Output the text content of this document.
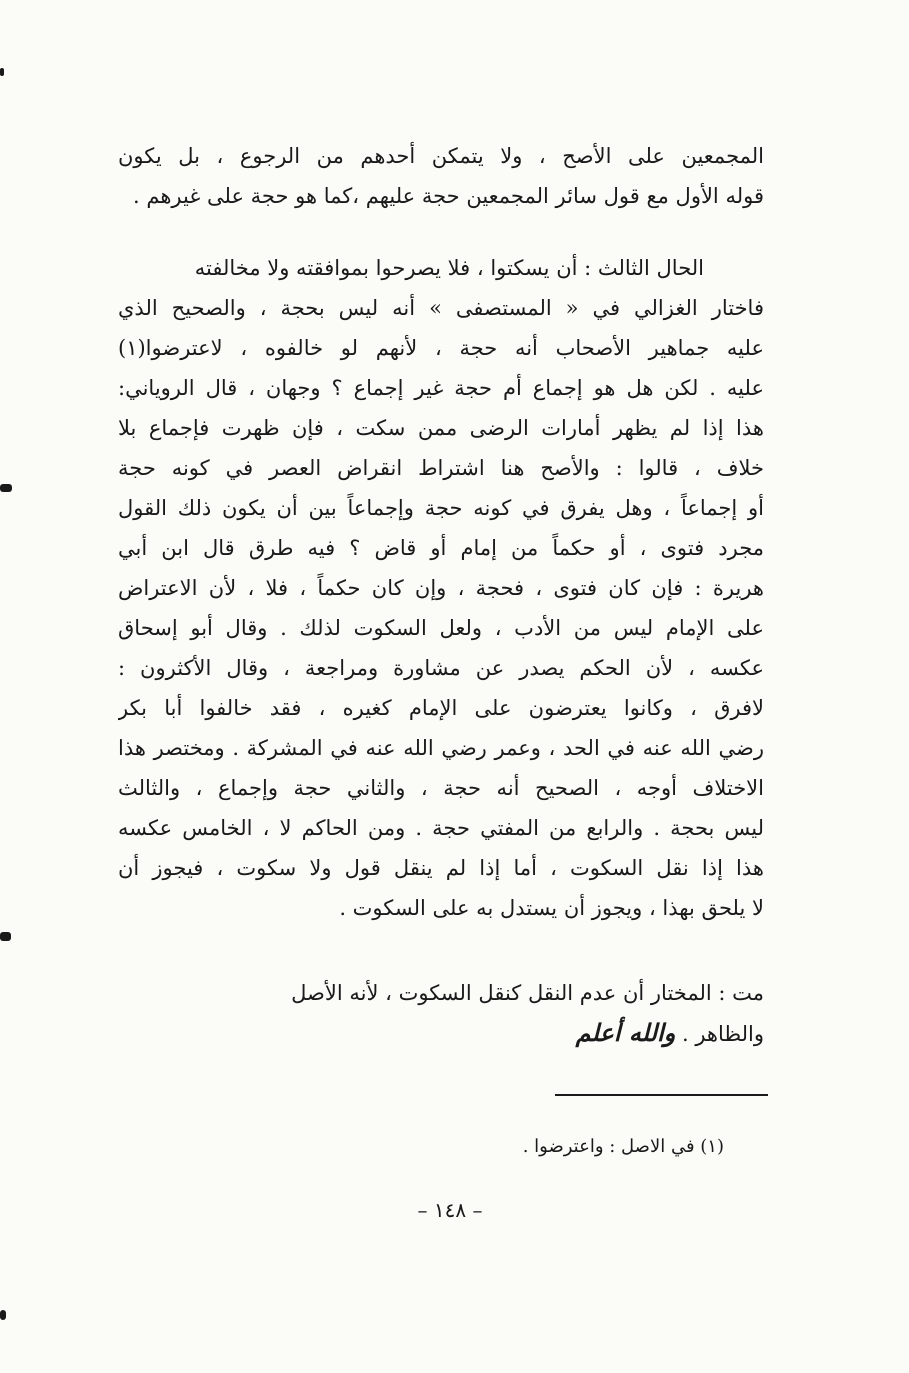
المجمعين على الأصح ، ولا يتمكن أحدهم من الرجوع ، بل يكون
قوله الأول مع قول سائر المجمعين حجة عليهم ،كما هو حجة على غيرهم .
الحال الثالث : أن يسكتوا ، فلا يصرحوا بموافقته ولا مخالفته
فاختار الغزالي في « المستصفى » أنه ليس بحجة ، والصحيح الذي
عليه جماهير الأصحاب أنه حجة ، لأنهم لو خالفوه ، لاعترضوا(١)
عليه . لكن هل هو إجماع أم حجة غير إجماع ؟ وجهان ، قال الروياني:
هذا إذا لم يظهر أمارات الرضى ممن سكت ، فإن ظهرت فإجماع بلا
خلاف ، قالوا : والأصح هنا اشتراط انقراض العصر في كونه حجة
أو إجماعاً ، وهل يفرق في كونه حجة وإجماعاً بين أن يكون ذلك القول
مجرد فتوى ، أو حكماً من إمام أو قاض ؟ فيه طرق قال ابن أبي
هريرة : فإن كان فتوى ، فحجة ، وإن كان حكماً ، فلا ، لأن الاعتراض
على الإمام ليس من الأدب ، ولعل السكوت لذلك . وقال أبو إسحاق
عكسه ، لأن الحكم يصدر عن مشاورة ومراجعة ، وقال الأكثرون :
لافرق ، وكانوا يعترضون على الإمام كغيره ، فقد خالفوا أبا بكر
رضي الله عنه في الحد ، وعمر رضي الله عنه في المشركة . ومختصر هذا
الاختلاف أوجه ، الصحيح أنه حجة ، والثاني حجة وإجماع ، والثالث
ليس بحجة . والرابع من المفتي حجة . ومن الحاكم لا ، الخامس عكسه
هذا إذا نقل السكوت ، أما إذا لم ينقل قول ولا سكوت ، فيجوز أن
لا يلحق بهذا ، ويجوز أن يستدل به على السكوت .
مت : المختار أن عدم النقل كنقل السكوت ، لأنه الأصل
والظاهر . والله أعلم
(١) في الاصل : واعترضوا .
– ١٤٨ –
